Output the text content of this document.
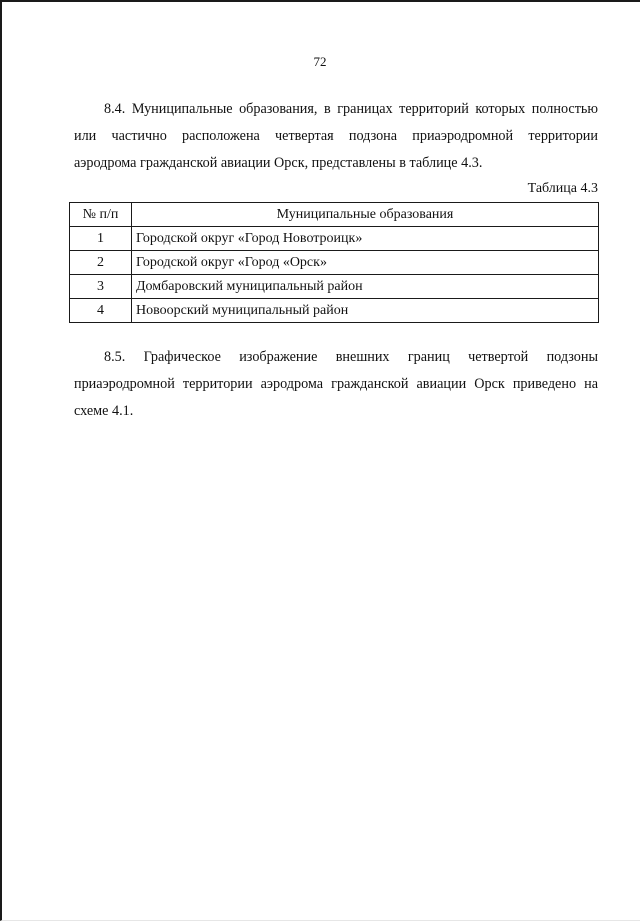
72

8.4. Муниципальные образования, в границах территорий которых полностью
или частично расположена четвертая подзона приаэродромной территории
аэродрома гражданской авиации Орск, представлены в таблице 4.3.

Таблица 4.3
№ п/п	Муниципальные образования
1	Городской округ «Город Новотроицк»
2	Городской округ «Город «Орск»
3	Домбаровский муниципальный район
4	Новоорский муниципальный район

8.5. Графическое изображение внешних границ четвертой подзоны
приаэродромной территории аэродрома гражданской авиации Орск приведено на
схеме 4.1.
